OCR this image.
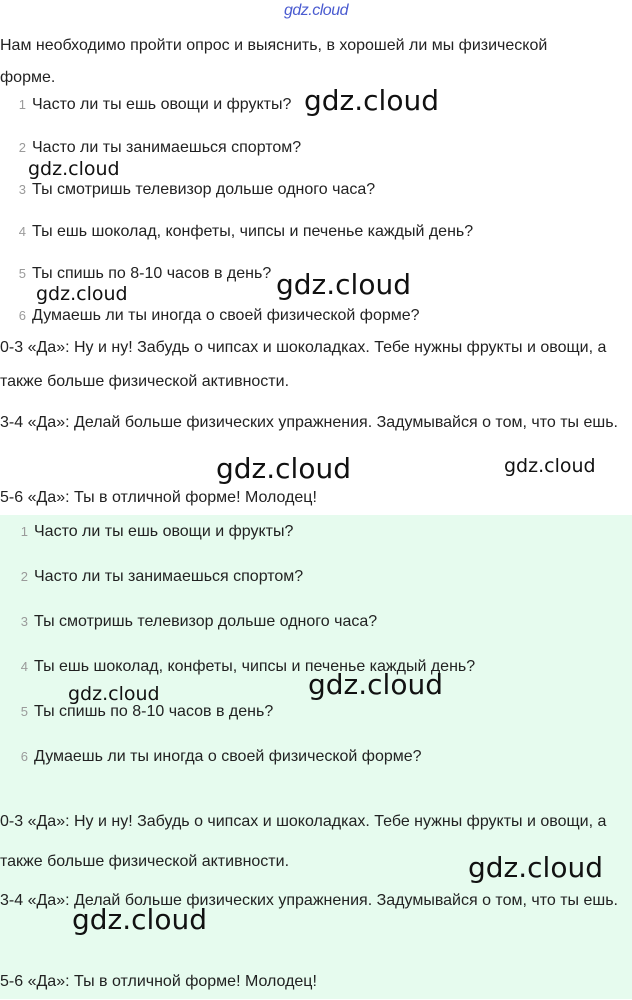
gdz.cloud
Нам необходимо пройти опрос и выяснить, в хорошей ли мы физической форме.
1 Часто ли ты ешь овощи и фрукты?
2 Часто ли ты занимаешься спортом?
3 Ты смотришь телевизор дольше одного часа?
4 Ты ешь шоколад, конфеты, чипсы и печенье каждый день?
5 Ты спишь по 8-10 часов в день?
6 Думаешь ли ты иногда о своей физической форме?
0-3 «Да»: Ну и ну! Забудь о чипсах и шоколадках. Тебе нужны фрукты и овощи, а также больше физической активности.
3-4 «Да»: Делай больше физических упражнения. Задумывайся о том, что ты ешь.
5-6 «Да»: Ты в отличной форме! Молодец!
1 Часто ли ты ешь овощи и фрукты?
2 Часто ли ты занимаешься спортом?
3 Ты смотришь телевизор дольше одного часа?
4 Ты ешь шоколад, конфеты, чипсы и печенье каждый день?
5 Ты спишь по 8-10 часов в день?
6 Думаешь ли ты иногда о своей физической форме?
0-3 «Да»: Ну и ну! Забудь о чипсах и шоколадках. Тебе нужны фрукты и овощи, а также больше физической активности.
3-4 «Да»: Делай больше физических упражнения. Задумывайся о том, что ты ешь.
5-6 «Да»: Ты в отличной форме! Молодец!
gdz.cloud
gdz.cloud
gdz.cloud
gdz.cloud
gdz.cloud	gdz.cloud
gdz.cloud
gdz.cloud
gdz.cloud
gdz.cloud
